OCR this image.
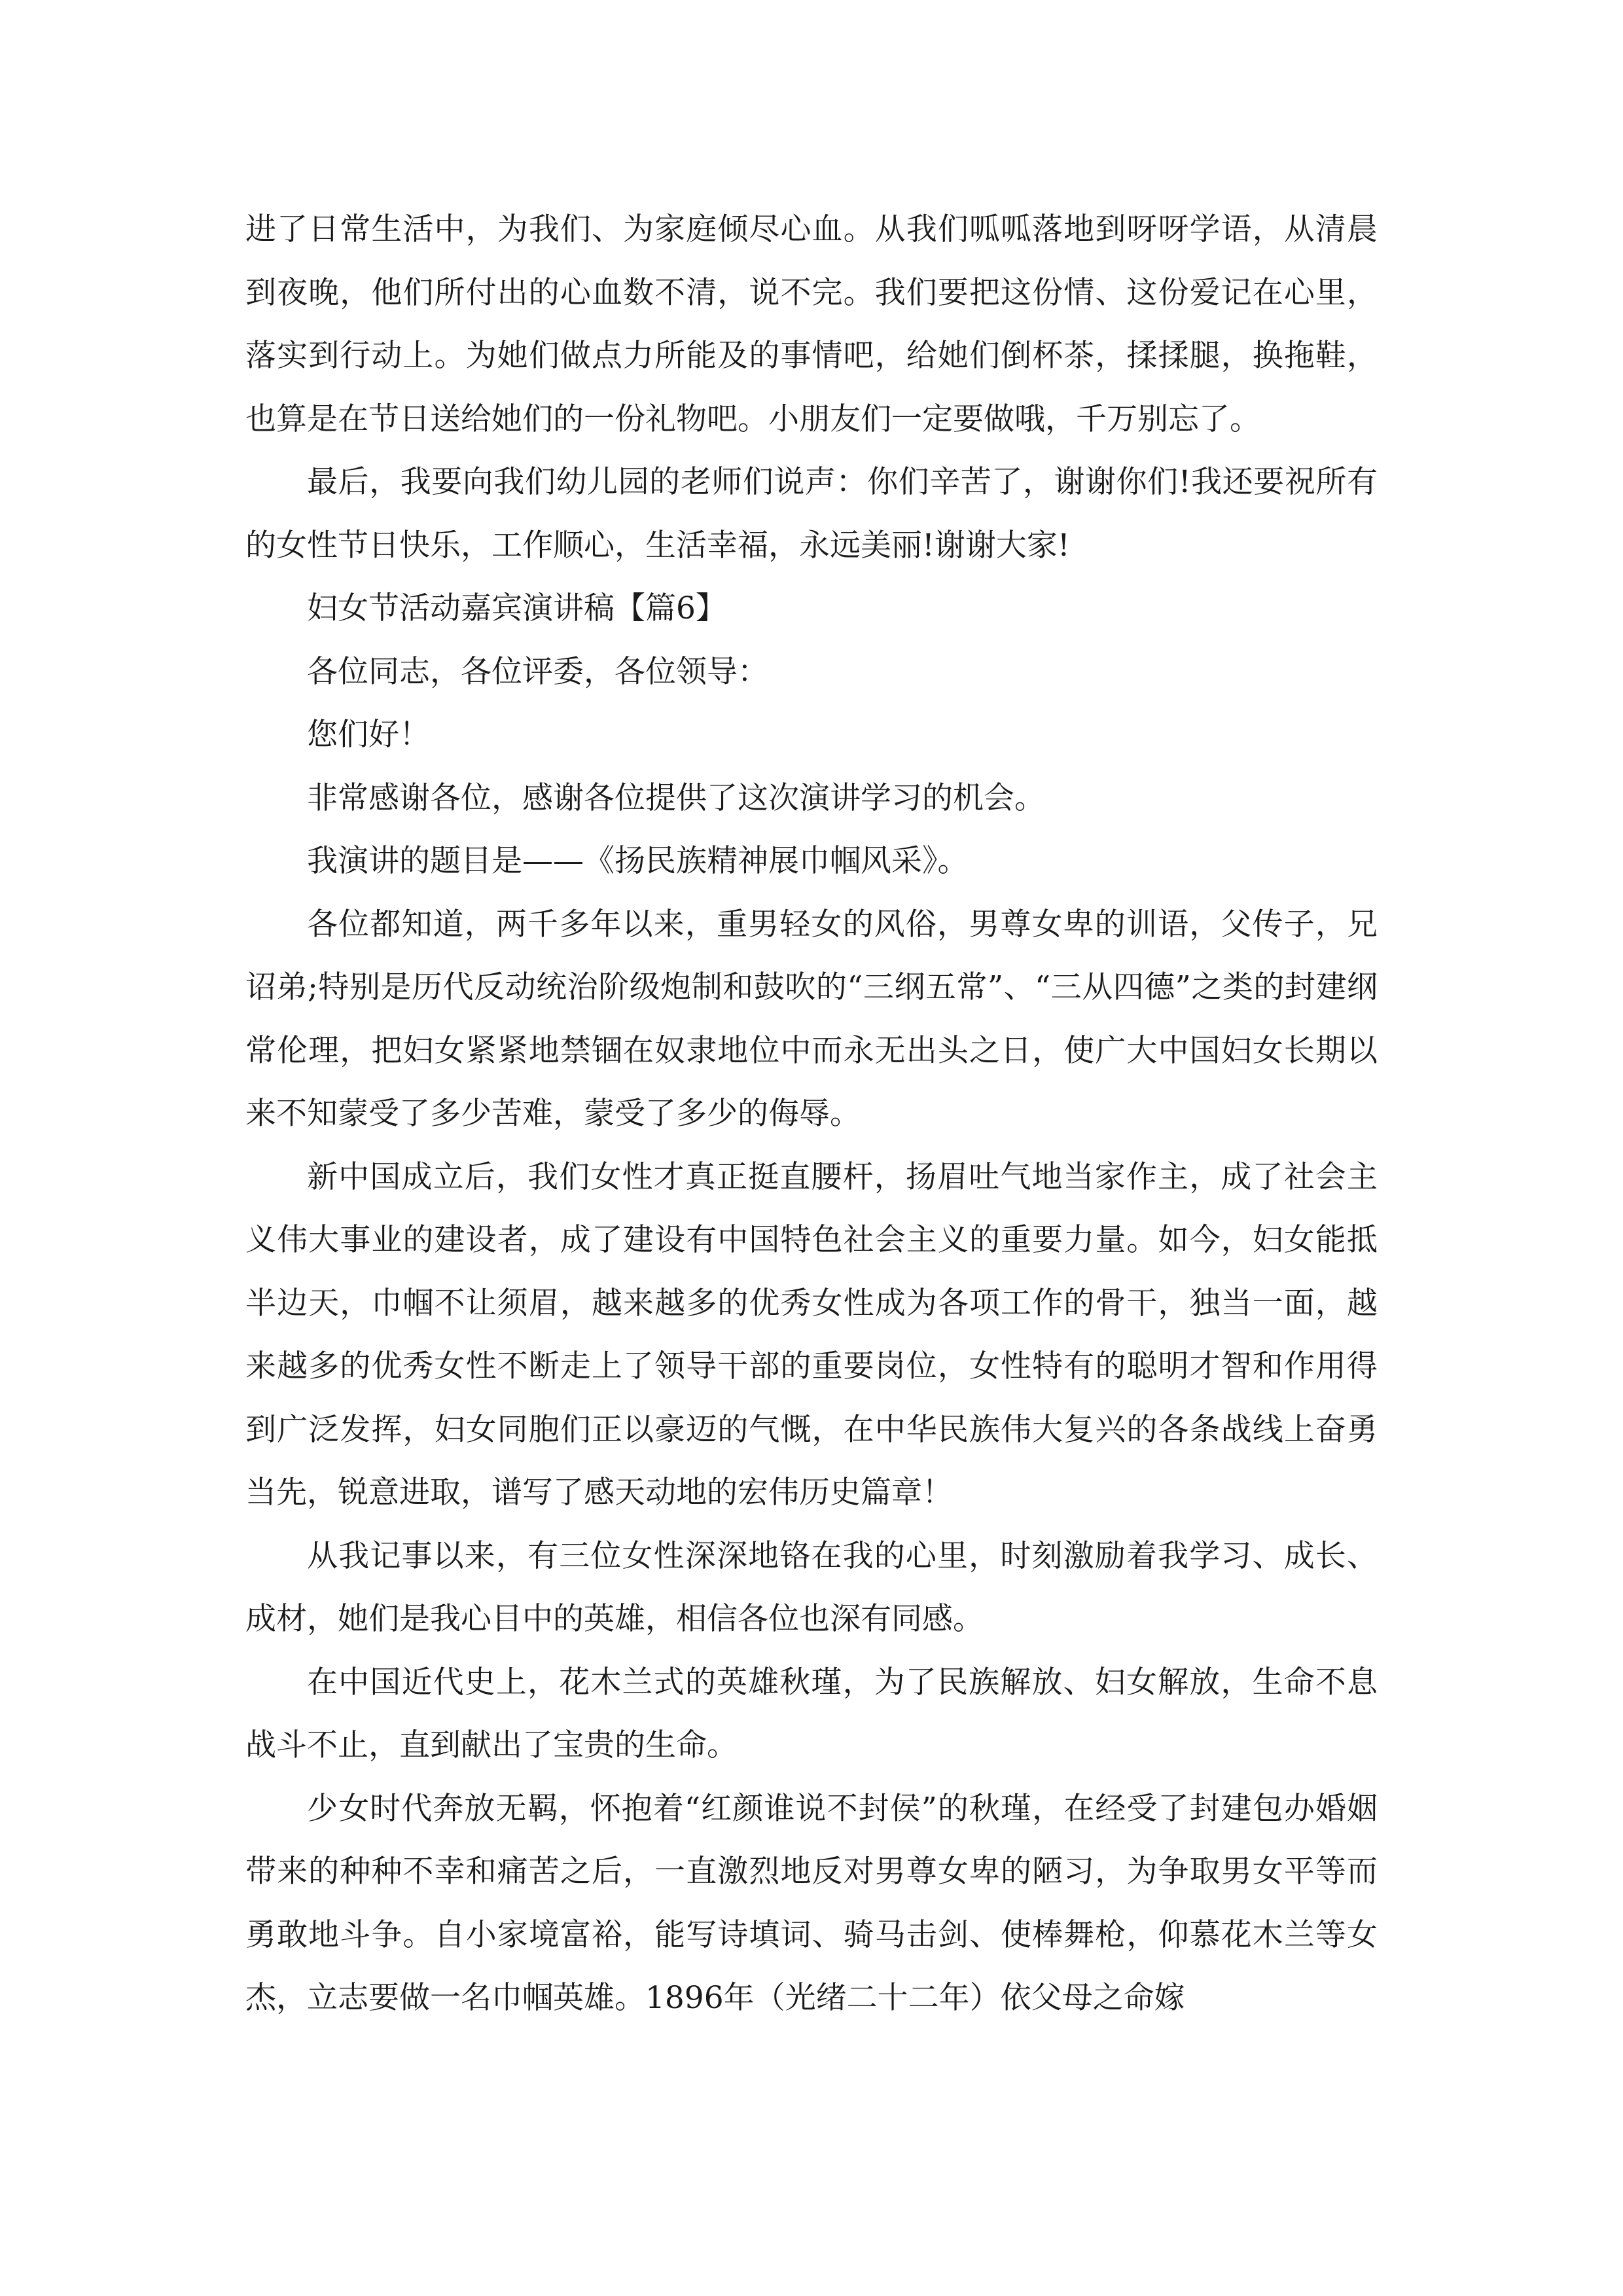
进了日常生活中，为我们、为家庭倾尽心血。从我们呱呱落地到呀呀学语，从清晨到夜晚，他们所付出的心血数不清，说不完。我们要把这份情、这份爱记在心里，落实到行动上。为她们做点力所能及的事情吧，给她们倒杯茶，揉揉腿，换拖鞋，也算是在节日送给她们的一份礼物吧。小朋友们一定要做哦，千万别忘了。

最后，我要向我们幼儿园的老师们说声：你们辛苦了，谢谢你们!我还要祝所有的女性节日快乐，工作顺心，生活幸福，永远美丽!谢谢大家!

妇女节活动嘉宾演讲稿【篇6】

各位同志，各位评委，各位领导：

您们好！

非常感谢各位，感谢各位提供了这次演讲学习的机会。

我演讲的题目是——《扬民族精神展巾帼风采》。

各位都知道，两千多年以来，重男轻女的风俗，男尊女卑的训语，父传子，兄诏弟;特别是历代反动统治阶级炮制和鼓吹的“三纲五常”、“三从四德”之类的封建纲常伦理，把妇女紧紧地禁锢在奴隶地位中而永无出头之日，使广大中国妇女长期以来不知蒙受了多少苦难，蒙受了多少的侮辱。

新中国成立后，我们女性才真正挺直腰杆，扬眉吐气地当家作主，成了社会主义伟大事业的建设者，成了建设有中国特色社会主义的重要力量。如今，妇女能抵半边天，巾帼不让须眉，越来越多的优秀女性成为各项工作的骨干，独当一面，越来越多的优秀女性不断走上了领导干部的重要岗位，女性特有的聪明才智和作用得到广泛发挥，妇女同胞们正以豪迈的气慨，在中华民族伟大复兴的各条战线上奋勇当先，锐意进取，谱写了感天动地的宏伟历史篇章！

从我记事以来，有三位女性深深地铬在我的心里，时刻激励着我学习、成长、成材，她们是我心目中的英雄，相信各位也深有同感。

在中国近代史上，花木兰式的英雄秋瑾，为了民族解放、妇女解放，生命不息战斗不止，直到献出了宝贵的生命。

少女时代奔放无羁，怀抱着“红颜谁说不封侯”的秋瑾，在经受了封建包办婚姻带来的种种不幸和痛苦之后，一直激烈地反对男尊女卑的陋习，为争取男女平等而勇敢地斗争。自小家境富裕，能写诗填词、骑马击剑、使棒舞枪，仰慕花木兰等女杰，立志要做一名巾帼英雄。1896年（光绪二十二年）依父母之命嫁
